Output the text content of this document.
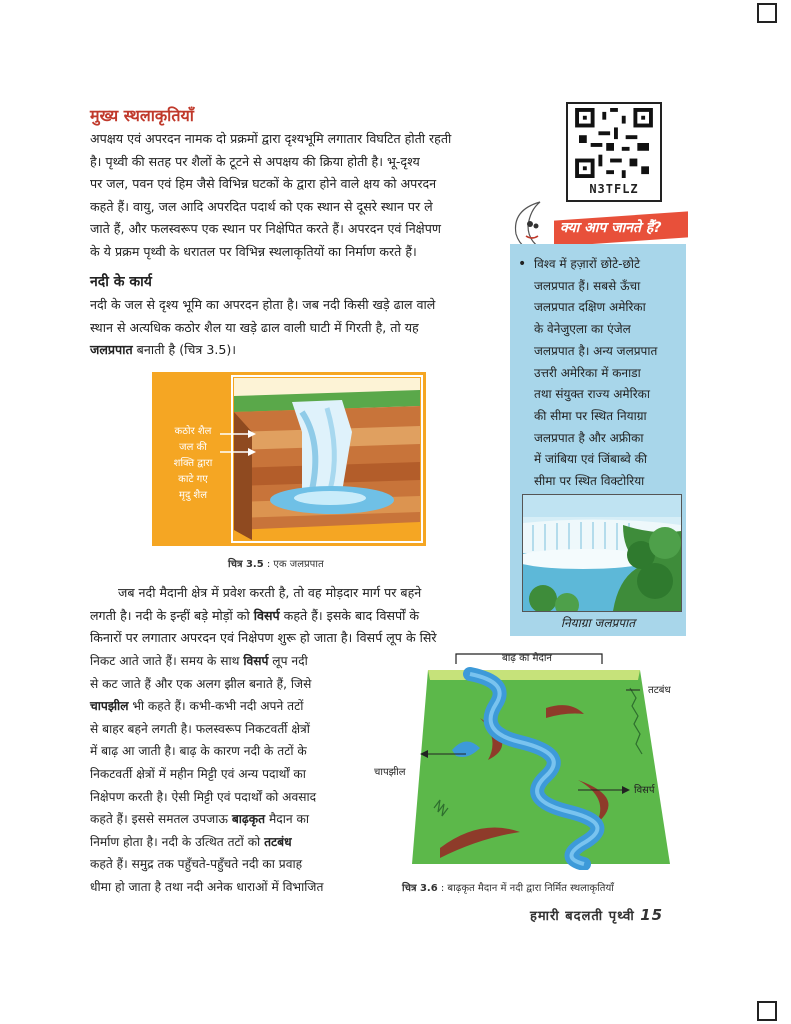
मुख्य स्थलाकृतियाँ
अपक्षय एवं अपरदन नामक दो प्रक्रमों द्वारा दृश्यभूमि लगातार विघटित होती रहती
है। पृथ्वी की सतह पर शैलों के टूटने से अपक्षय की क्रिया होती है। भू-दृश्य
पर जल, पवन एवं हिम जैसे विभिन्न घटकों के द्वारा होने वाले क्षय को अपरदन
कहते हैं। वायु, जल आदि अपरदित पदार्थ को एक स्थान से दूसरे स्थान पर ले
जाते हैं, और फलस्वरूप एक स्थान पर निक्षेपित करते हैं। अपरदन एवं निक्षेपण
के ये प्रक्रम पृथ्वी के धरातल पर विभिन्न स्थलाकृतियों का निर्माण करते हैं।
नदी के कार्य
नदी के जल से दृश्य भूमि का अपरदन होता है। जब नदी किसी खड़े ढाल वाले
स्थान से अत्यधिक कठोर शैल या खड़े ढाल वाली घाटी में गिरती है, तो यह
जलप्रपात बनाती है (चित्र 3.5)।
कठोर शैल
जल की
शक्ति द्वारा
काटे गए
मृदु शैल
चित्र 3.5 : एक जलप्रपात
जब नदी मैदानी क्षेत्र में प्रवेश करती है, तो वह मोड़दार मार्ग पर बहने
लगती है। नदी के इन्हीं बड़े मोड़ों को विसर्प कहते हैं। इसके बाद विसर्पों के
किनारों पर लगातार अपरदन एवं निक्षेपण शुरू हो जाता है। विसर्प लूप के सिरे
निकट आते जाते हैं। समय के साथ विसर्प लूप नदी
से कट जाते हैं और एक अलग झील बनाते हैं, जिसे
चापझील भी कहते हैं। कभी-कभी नदी अपने तटों
से बाहर बहने लगती है। फलस्वरूप निकटवर्ती क्षेत्रों
में बाढ़ आ जाती है। बाढ़ के कारण नदी के तटों के
निकटवर्ती क्षेत्रों में महीन मिट्टी एवं अन्य पदार्थों का
निक्षेपण करती है। ऐसी मिट्टी एवं पदार्थों को अवसाद
कहते हैं। इससे समतल उपजाऊ बाढ़कृत मैदान का
निर्माण होता है। नदी के उत्थित तटों को तटबंध
कहते हैं। समुद्र तक पहुँचते-पहुँचते नदी का प्रवाह
धीमा हो जाता है तथा नदी अनेक धाराओं में विभाजित
बाढ़ का मैदान
तटबंध
चापझील
विसर्प
चित्र 3.6 : बाढ़कृत मैदान में नदी द्वारा निर्मित स्थलाकृतियाँ
N3TFLZ
क्या आप जानते हैं?
• विश्व में हज़ारों छोटे-छोटे
जलप्रपात हैं। सबसे ऊँचा
जलप्रपात दक्षिण अमेरिका
के वेनेजुएला का एंजेल
जलप्रपात है। अन्य जलप्रपात
उत्तरी अमेरिका में कनाडा
तथा संयुक्त राज्य अमेरिका
की सीमा पर स्थित नियाग्रा
जलप्रपात है और अफ्रीका
में जांबिया एवं जिंबाब्वे की
सीमा पर स्थित विक्टोरिया
नियाग्रा जलप्रपात
हमारी बदलती पृथ्वी 15
